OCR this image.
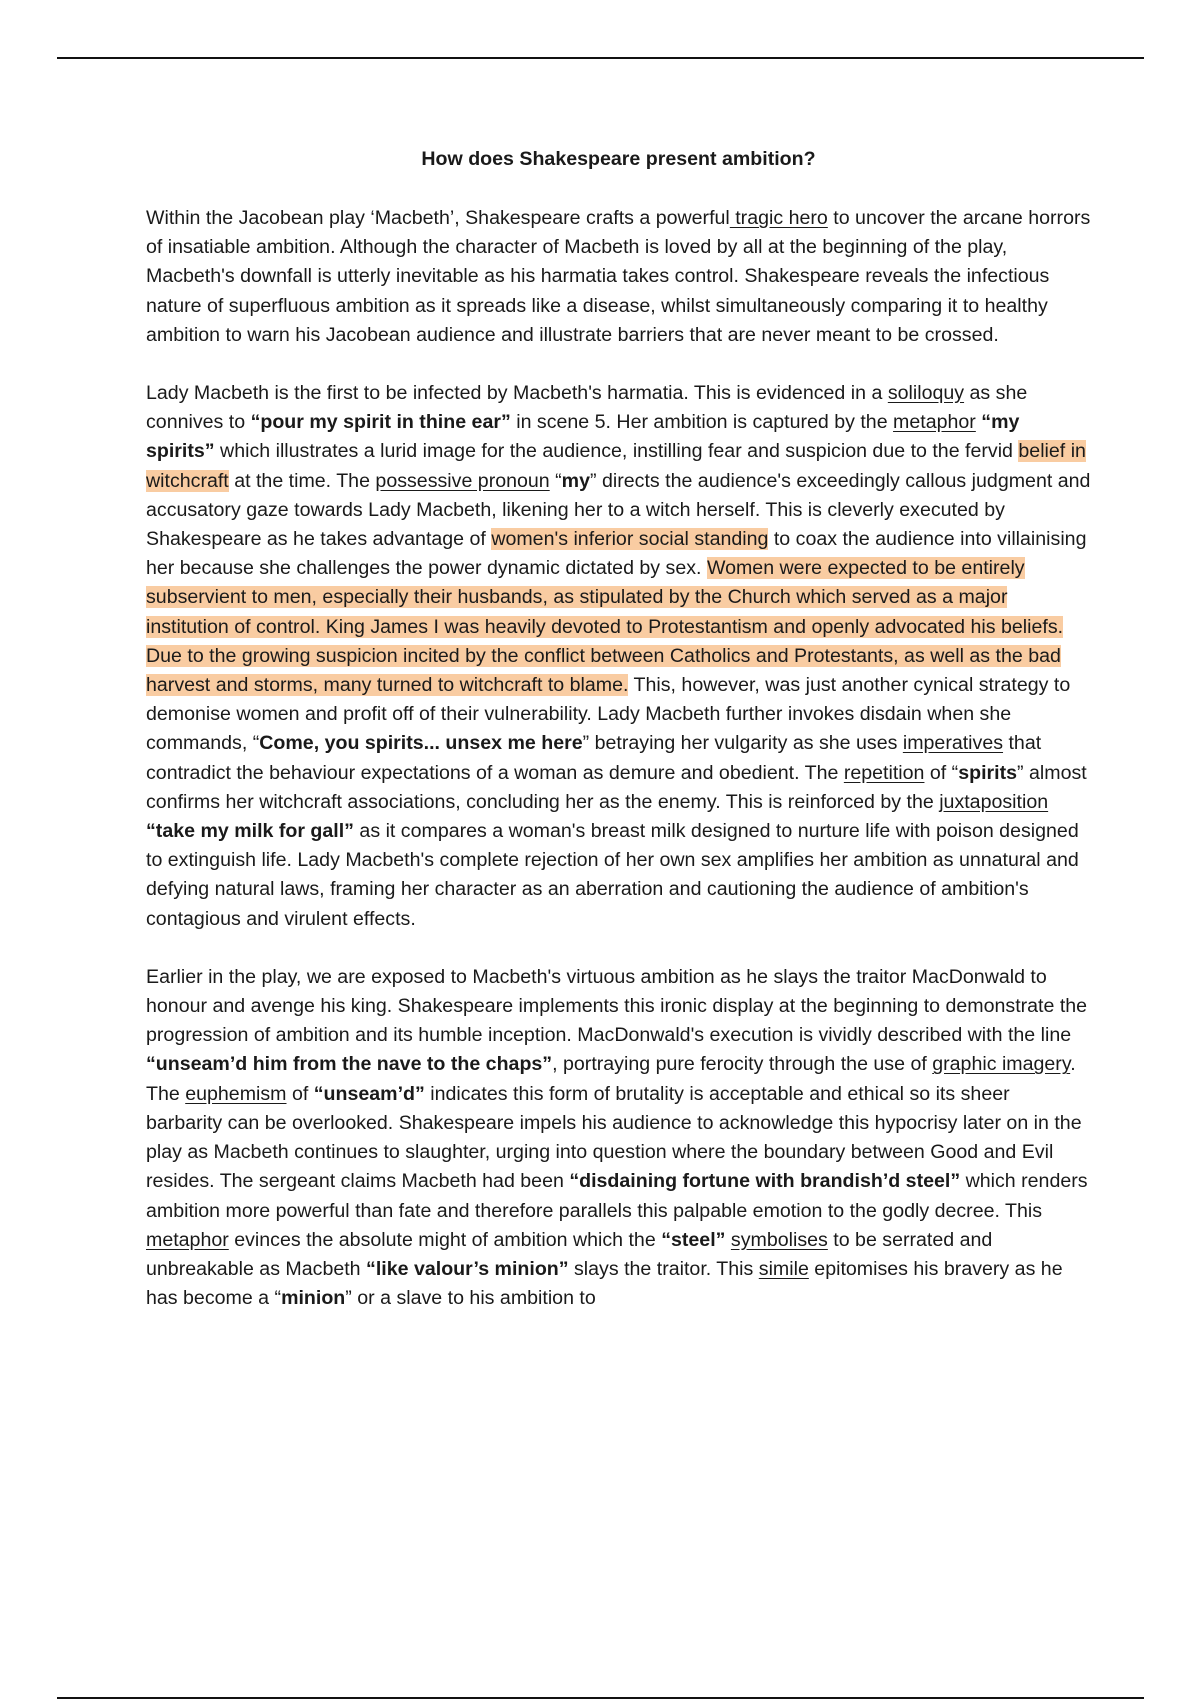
How does Shakespeare present ambition?

Within the Jacobean play ‘Macbeth’, Shakespeare crafts a powerful tragic hero to uncover the arcane horrors of insatiable ambition. Although the character of Macbeth is loved by all at the beginning of the play, Macbeth's downfall is utterly inevitable as his harmatia takes control. Shakespeare reveals the infectious nature of superfluous ambition as it spreads like a disease, whilst simultaneously comparing it to healthy ambition to warn his Jacobean audience and illustrate barriers that are never meant to be crossed.

Lady Macbeth is the first to be infected by Macbeth's harmatia. This is evidenced in a soliloquy as she connives to “pour my spirit in thine ear” in scene 5. Her ambition is captured by the metaphor “my spirits” which illustrates a lurid image for the audience, instilling fear and suspicion due to the fervid belief in witchcraft at the time. The possessive pronoun “my” directs the audience's exceedingly callous judgment and accusatory gaze towards Lady Macbeth, likening her to a witch herself. This is cleverly executed by Shakespeare as he takes advantage of women's inferior social standing to coax the audience into villainising her because she challenges the power dynamic dictated by sex. Women were expected to be entirely subservient to men, especially their husbands, as stipulated by the Church which served as a major institution of control. King James I was heavily devoted to Protestantism and openly advocated his beliefs. Due to the growing suspicion incited by the conflict between Catholics and Protestants, as well as the bad harvest and storms, many turned to witchcraft to blame. This, however, was just another cynical strategy to demonise women and profit off of their vulnerability. Lady Macbeth further invokes disdain when she commands, “Come, you spirits... unsex me here” betraying her vulgarity as she uses imperatives that contradict the behaviour expectations of a woman as demure and obedient. The repetition of “spirits” almost confirms her witchcraft associations, concluding her as the enemy. This is reinforced by the juxtaposition “take my milk for gall” as it compares a woman's breast milk designed to nurture life with poison designed to extinguish life. Lady Macbeth's complete rejection of her own sex amplifies her ambition as unnatural and defying natural laws, framing her character as an aberration and cautioning the audience of ambition's contagious and virulent effects.

Earlier in the play, we are exposed to Macbeth's virtuous ambition as he slays the traitor MacDonwald to honour and avenge his king. Shakespeare implements this ironic display at the beginning to demonstrate the progression of ambition and its humble inception. MacDonwald's execution is vividly described with the line “unseam’d him from the nave to the chaps”, portraying pure ferocity through the use of graphic imagery. The euphemism of “unseam’d” indicates this form of brutality is acceptable and ethical so its sheer barbarity can be overlooked. Shakespeare impels his audience to acknowledge this hypocrisy later on in the play as Macbeth continues to slaughter, urging into question where the boundary between Good and Evil resides. The sergeant claims Macbeth had been “disdaining fortune with brandish’d steel” which renders ambition more powerful than fate and therefore parallels this palpable emotion to the godly decree. This metaphor evinces the absolute might of ambition which the “steel” symbolises to be serrated and unbreakable as Macbeth “like valour’s minion” slays the traitor. This simile epitomises his bravery as he has become a “minion” or a slave to his ambition to
